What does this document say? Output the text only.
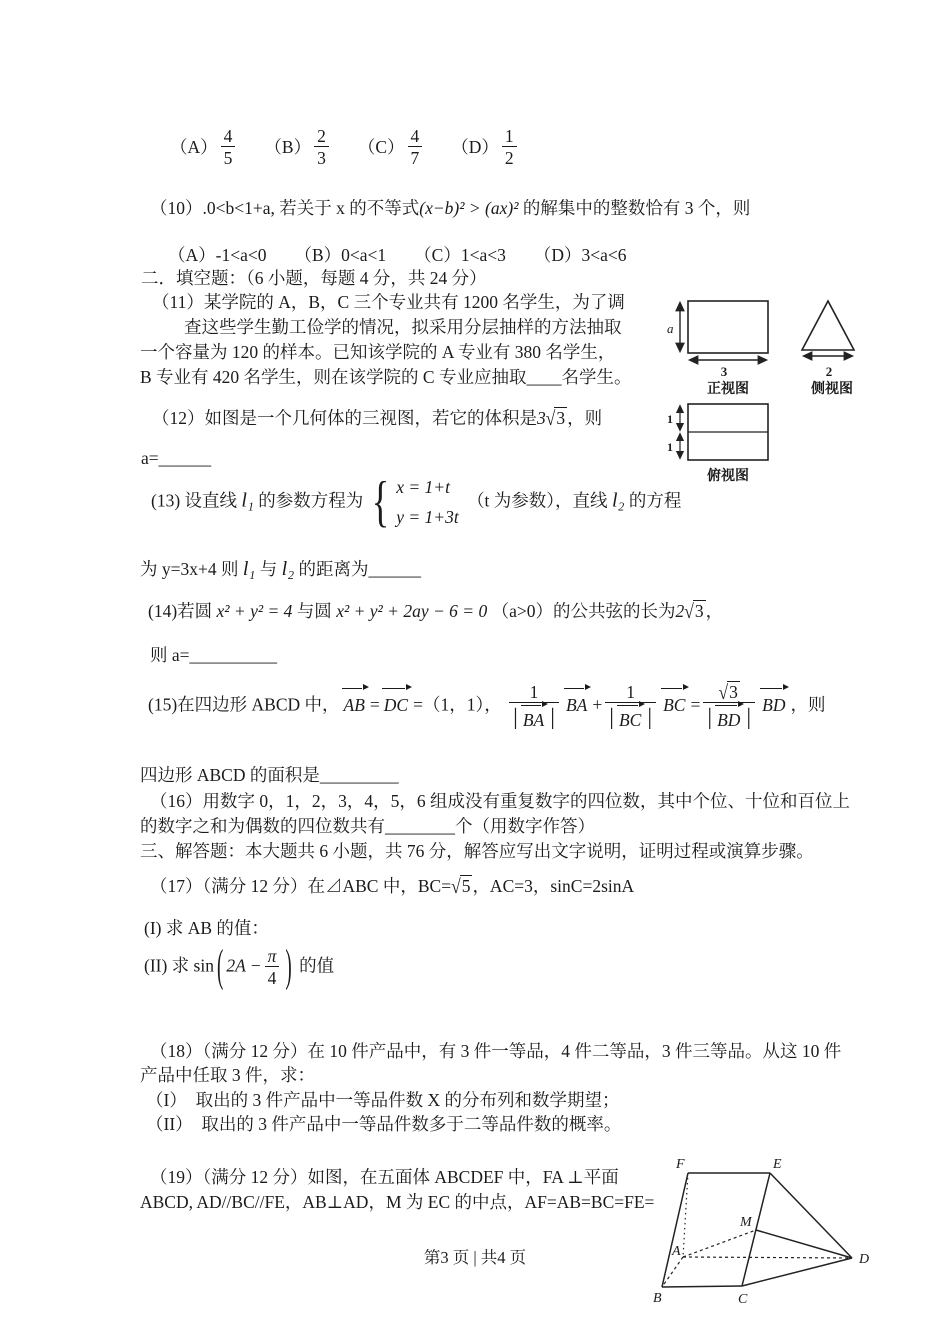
$(A) \frac{4}{5} (B) \frac{2}{3} (C) \frac{4}{7} (D) \frac{1}{2}$
（10）.0<b<1+a, 若关于 x 的不等式(x−b)² > (ax)² 的解集中的整数恰有 3 个，则
（A）-1<a<0 （B）0<a<1 （C）1<a<3 （D）3<a<6
二．填空题：（6 小题，每题 4 分，共 24 分）
（11）某学院的 A，B，C 三个专业共有 1200 名学生，为了调
查这些学生勤工俭学的情况，拟采用分层抽样的方法抽取
一个容量为 120 的样本。已知该学院的 A 专业有 380 名学生，
B 专业有 420 名学生，则在该学院的 C 专业应抽取____名学生。
a
3
正视图
2
侧视图
1
1
俯视图
（12）如图是一个几何体的三视图，若它的体积是3√3 ，则
a=______
(13) 设直线 l₁ 的参数方程为 { x = 1+t
y = 1+3t
（t 为参数），直线 l₂ 的方程
为 y=3x+4 则 l₁ 与 l₂ 的距离为______
(14)若圆 x² + y² = 4 与圆 x² + y² + 2ay − 6 = 0 （a>0）的公共弦的长为2√3 ，
则 a=__________
(15)在四边形 ABCD 中， AB = DC =（1，1）， $\frac{1}{| BA |}$ BA + $\frac{1}{| BC |}$ BC = $\frac{√3}{| BD |}$ BD ，则
四边形 ABCD 的面积是_________
（16）用数字 0，1，2，3，4，5，6 组成没有重复数字的四位数，其中个位、十位和百位上
的数字之和为偶数的四位数共有________个（用数字作答）
三、解答题：本大题共 6 小题，共 76 分，解答应写出文字说明，证明过程或演算步骤。
（17）（满分 12 分）在⊿ABC 中，BC=√5 ，AC=3，sinC=2sinA
(I) 求 AB 的值：
(II) 求 sin ( $2A - \frac{\pi}{4}$ ) 的值
（18）（满分 12 分）在 10 件产品中，有 3 件一等品，4 件二等品，3 件三等品。从这 10 件
产品中任取 3 件，求：
（I）　取出的 3 件产品中一等品件数 X 的分布列和数学期望；
（II）　取出的 3 件产品中一等品件数多于二等品件数的概率。
（19）（满分 12 分）如图，在五面体 ABCDEF 中，FA ⊥平面
ABCD, AD//BC//FE，AB⊥AD，M 为 EC 的中点，AF=AB=BC=FE=
F	E
M
A
B	C
D
第3 页 | 共4 页
